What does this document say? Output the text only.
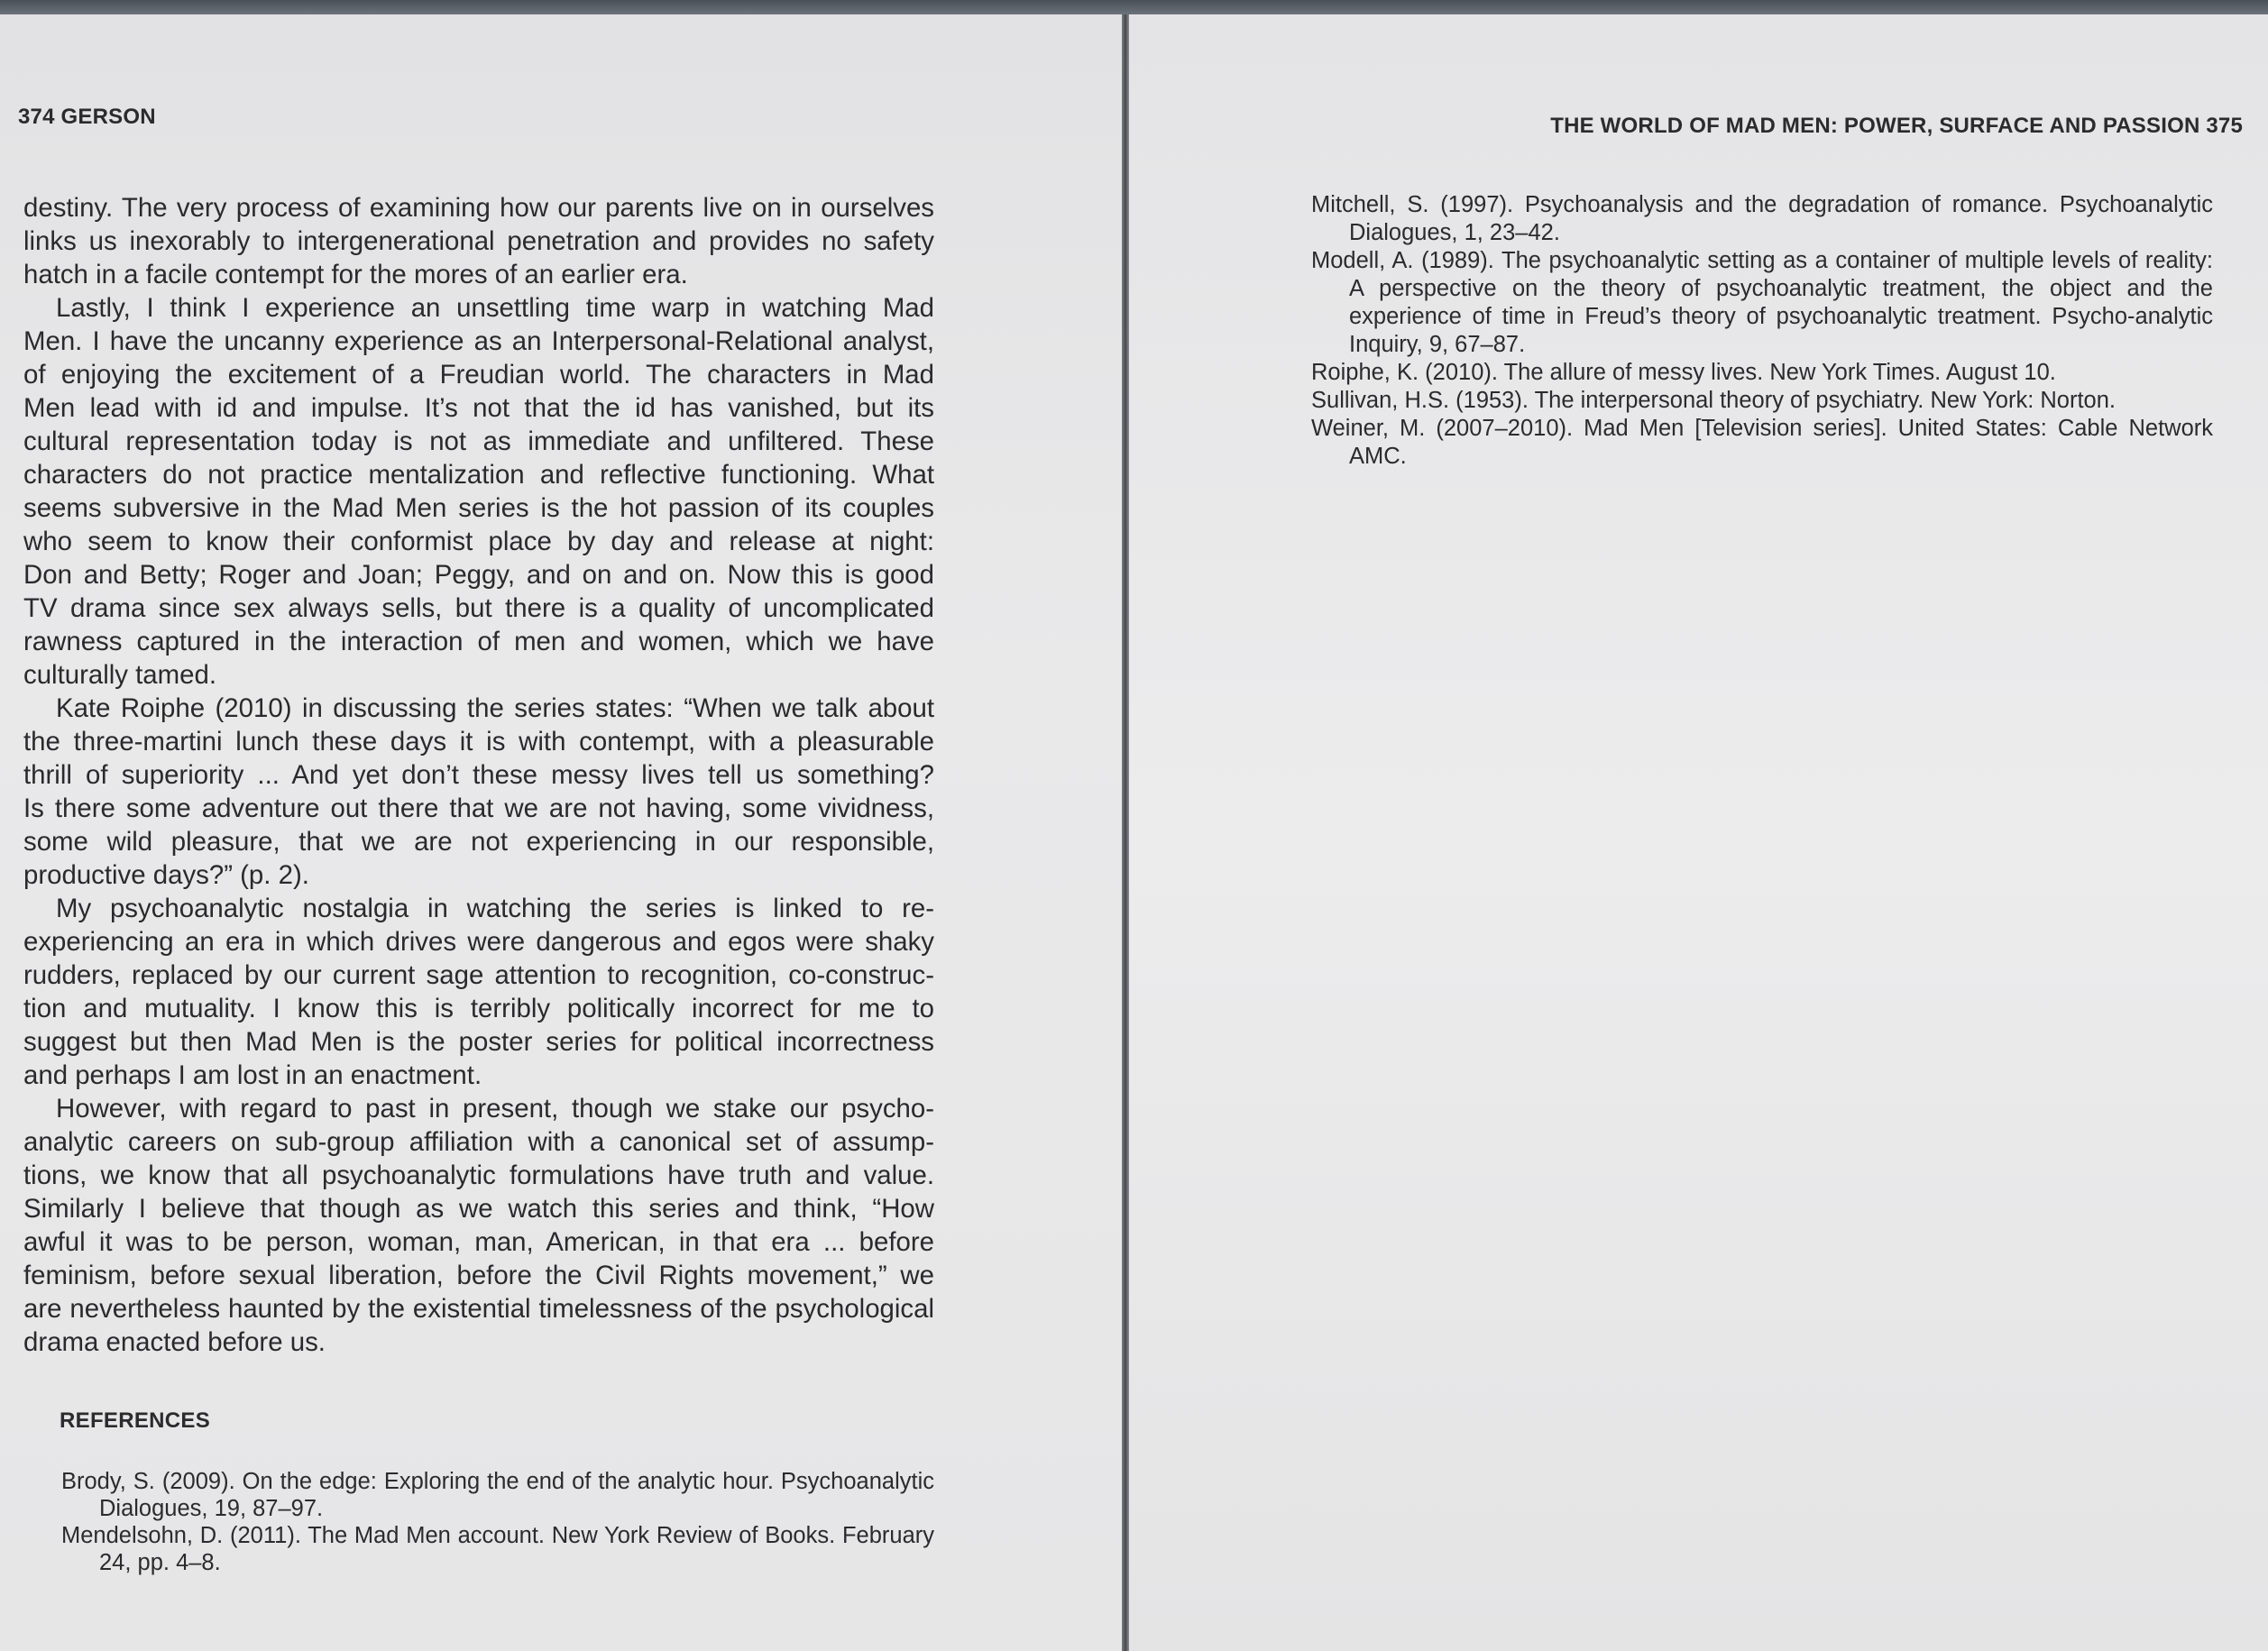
374 GERSON
destiny. The very process of examining how our parents live on in ourselves
links us inexorably to intergenerational penetration and provides no safety
hatch in a facile contempt for the mores of an earlier era.
Lastly, I think I experience an unsettling time warp in watching Mad
Men. I have the uncanny experience as an Interpersonal-Relational analyst,
of enjoying the excitement of a Freudian world. The characters in Mad
Men lead with id and impulse. It’s not that the id has vanished, but its
cultural representation today is not as immediate and unfiltered. These
characters do not practice mentalization and reflective functioning. What
seems subversive in the Mad Men series is the hot passion of its couples
who seem to know their conformist place by day and release at night:
Don and Betty; Roger and Joan; Peggy, and on and on. Now this is good
TV drama since sex always sells, but there is a quality of uncomplicated
rawness captured in the interaction of men and women, which we have
culturally tamed.
Kate Roiphe (2010) in discussing the series states: “When we talk about
the three-martini lunch these days it is with contempt, with a pleasurable
thrill of superiority ... And yet don’t these messy lives tell us something?
Is there some adventure out there that we are not having, some vividness,
some wild pleasure, that we are not experiencing in our responsible,
productive days?” (p. 2).
My psychoanalytic nostalgia in watching the series is linked to re-
experiencing an era in which drives were dangerous and egos were shaky
rudders, replaced by our current sage attention to recognition, co-construc-
tion and mutuality. I know this is terribly politically incorrect for me to
suggest but then Mad Men is the poster series for political incorrectness
and perhaps I am lost in an enactment.
However, with regard to past in present, though we stake our psycho-
analytic careers on sub-group affiliation with a canonical set of assump-
tions, we know that all psychoanalytic formulations have truth and value.
Similarly I believe that though as we watch this series and think, “How
awful it was to be person, woman, man, American, in that era ... before
feminism, before sexual liberation, before the Civil Rights movement,” we
are nevertheless haunted by the existential timelessness of the psychological
drama enacted before us.
REFERENCES
Brody, S. (2009). On the edge: Exploring the end of the analytic hour. Psychoanalytic Dialogues, 19, 87–97.
Mendelsohn, D. (2011). The Mad Men account. New York Review of Books. February 24, pp. 4–8.
THE WORLD OF MAD MEN: POWER, SURFACE AND PASSION 375
Mitchell, S. (1997). Psychoanalysis and the degradation of romance. Psychoanalytic Dialogues, 1, 23–42.
Modell, A. (1989). The psychoanalytic setting as a container of multiple levels of reality: A perspective on the theory of psychoanalytic treatment, the object and the experience of time in Freud’s theory of psychoanalytic treatment. Psycho-analytic Inquiry, 9, 67–87.
Roiphe, K. (2010). The allure of messy lives. New York Times. August 10.
Sullivan, H.S. (1953). The interpersonal theory of psychiatry. New York: Norton.
Weiner, M. (2007–2010). Mad Men [Television series]. United States: Cable Network AMC.
